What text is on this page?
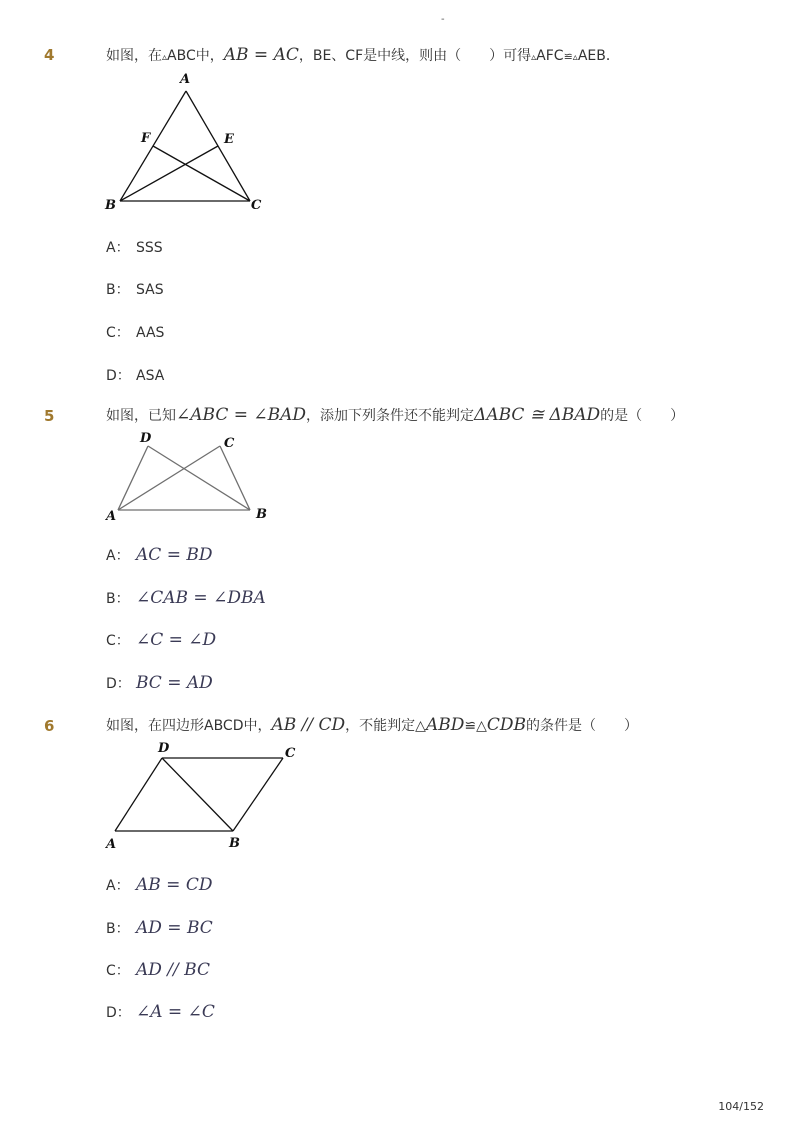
-
4	如图，在▵ABC中，AB = AC，BE、CF是中线，则由（　　）可得▵AFC≌▵AEB．
A
B	C
E
F
A： SSS
B： SAS
C： AAS
D： ASA
5	如图，已知∠ABC = ∠BAD，添加下列条件还不能判定ΔABC ≅ ΔBAD的是（　　）
D	C
A	B
A： AC = BD
B： ∠CAB = ∠DBA
C： ∠C = ∠D
D： BC = AD
6	如图，在四边形ABCD中，AB // CD，不能判定△ABD≌△CDB的条件是（　　）
D	C
A	B
A： AB = CD
B： AD = BC
C： AD // BC
D： ∠A = ∠C
104/152
